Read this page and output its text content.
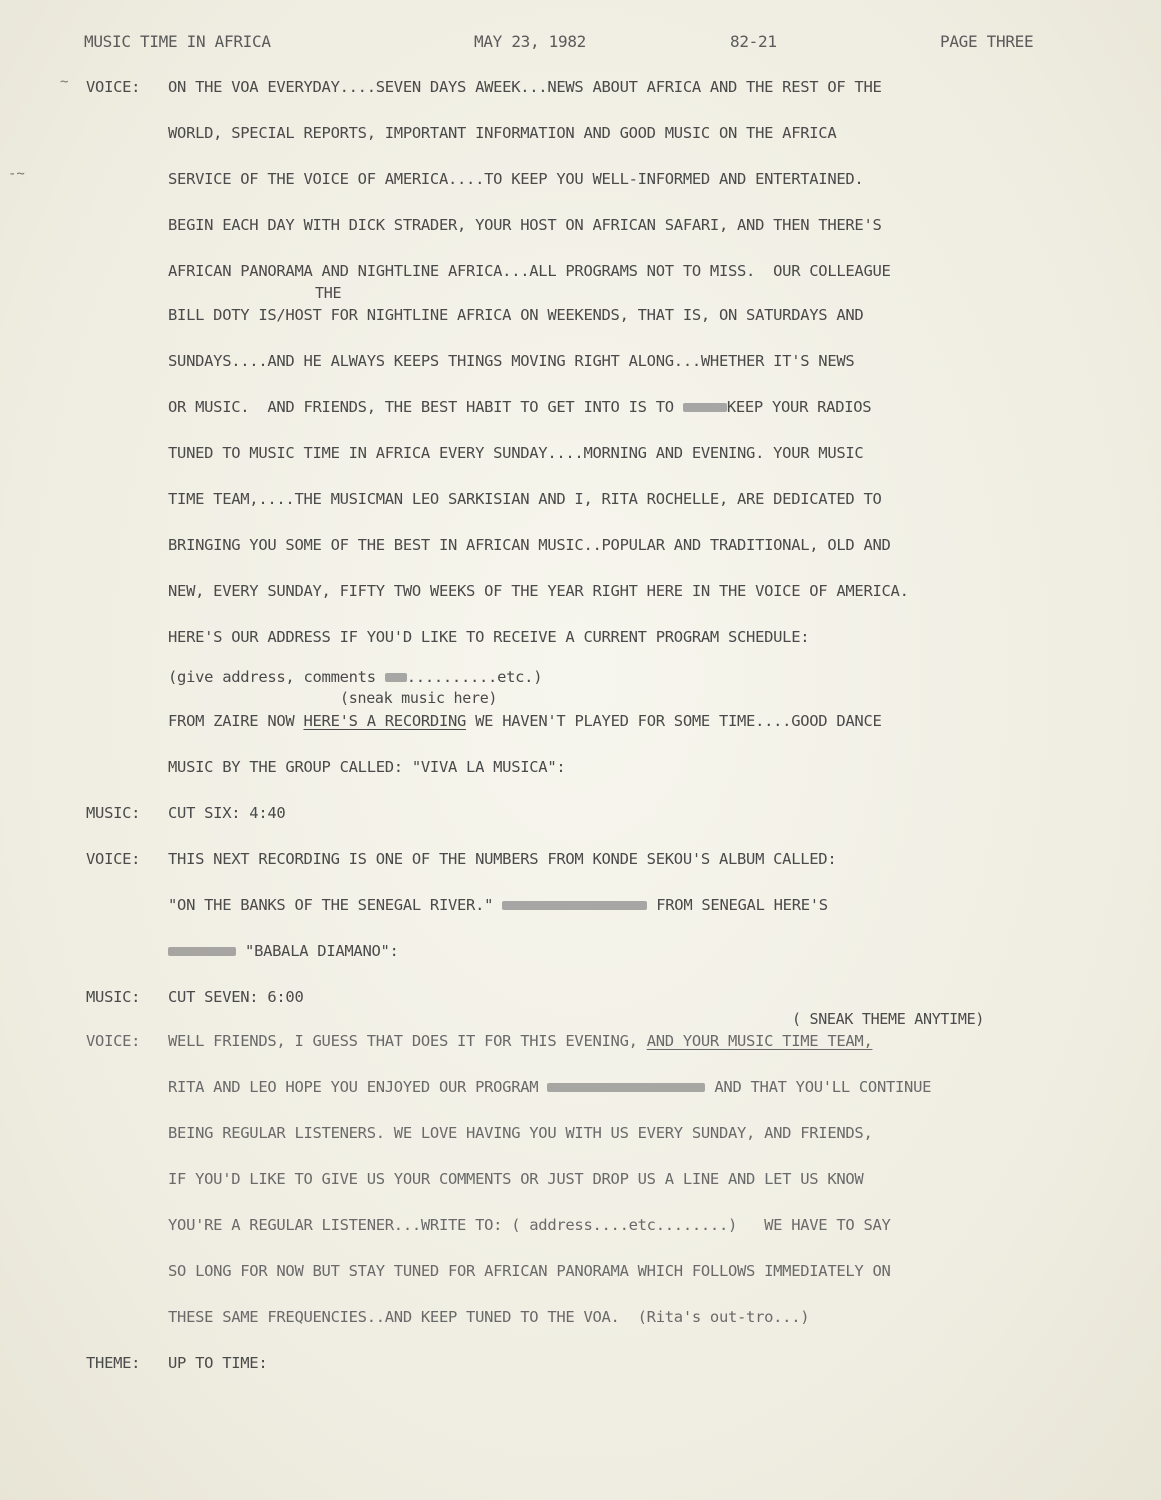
MUSIC TIME IN AFRICA	MAY 23, 1982	82-21	PAGE THREE
~
-~
VOICE: ON THE VOA EVERYDAY....SEVEN DAYS AWEEK...NEWS ABOUT AFRICA AND THE REST OF THE
WORLD, SPECIAL REPORTS, IMPORTANT INFORMATION AND GOOD MUSIC ON THE AFRICA
SERVICE OF THE VOICE OF AMERICA....TO KEEP YOU WELL-INFORMED AND ENTERTAINED.
BEGIN EACH DAY WITH DICK STRADER, YOUR HOST ON AFRICAN SAFARI, AND THEN THERE'S
AFRICAN PANORAMA AND NIGHTLINE AFRICA...ALL PROGRAMS NOT TO MISS.  OUR COLLEAGUE
THE
BILL DOTY IS/HOST FOR NIGHTLINE AFRICA ON WEEKENDS, THAT IS, ON SATURDAYS AND
SUNDAYS....AND HE ALWAYS KEEPS THINGS MOVING RIGHT ALONG...WHETHER IT'S NEWS
OR MUSIC.  AND FRIENDS, THE BEST HABIT TO GET INTO IS TO	KEEP YOUR RADIOS
TUNED TO MUSIC TIME IN AFRICA EVERY SUNDAY....MORNING AND EVENING. YOUR MUSIC
TIME TEAM,....THE MUSICMAN LEO SARKISIAN AND I, RITA ROCHELLE, ARE DEDICATED TO
BRINGING YOU SOME OF THE BEST IN AFRICAN MUSIC..POPULAR AND TRADITIONAL, OLD AND
NEW, EVERY SUNDAY, FIFTY TWO WEEKS OF THE YEAR RIGHT HERE IN THE VOICE OF AMERICA.
HERE'S OUR ADDRESS IF YOU'D LIKE TO RECEIVE A CURRENT PROGRAM SCHEDULE:
(give address, comments ..........etc.)
(sneak music here)
FROM ZAIRE NOW HERE'S A RECORDING WE HAVEN'T PLAYED FOR SOME TIME....GOOD DANCE
MUSIC BY THE GROUP CALLED: "VIVA LA MUSICA":
MUSIC: CUT SIX: 4:40
VOICE: THIS NEXT RECORDING IS ONE OF THE NUMBERS FROM KONDE SEKOU'S ALBUM CALLED:
"ON THE BANKS OF THE SENEGAL RIVER."	FROM SENEGAL HERE'S
"BABALA DIAMANO":
MUSIC: CUT SEVEN: 6:00
( SNEAK THEME ANYTIME)
VOICE: WELL FRIENDS, I GUESS THAT DOES IT FOR THIS EVENING, AND YOUR MUSIC TIME TEAM,
RITA AND LEO HOPE YOU ENJOYED OUR PROGRAM	AND THAT YOU'LL CONTINUE
BEING REGULAR LISTENERS. WE LOVE HAVING YOU WITH US EVERY SUNDAY, AND FRIENDS,
IF YOU'D LIKE TO GIVE US YOUR COMMENTS OR JUST DROP US A LINE AND LET US KNOW
YOU'RE A REGULAR LISTENER...WRITE TO: ( address....etc........)   WE HAVE TO SAY
SO LONG FOR NOW BUT STAY TUNED FOR AFRICAN PANORAMA WHICH FOLLOWS IMMEDIATELY ON
THESE SAME FREQUENCIES..AND KEEP TUNED TO THE VOA.  (Rita's out-tro...)
THEME: UP TO TIME:
